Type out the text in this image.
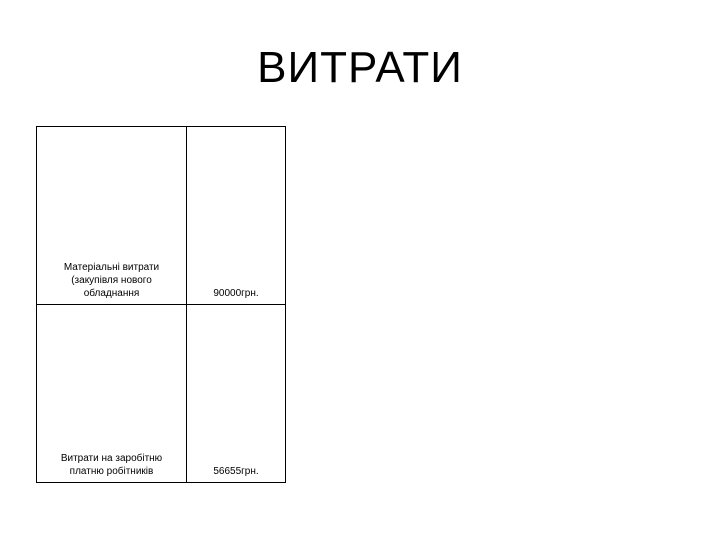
ВИТРАТИ
Матеріальні витрати
(закупівля нового
обладнання	90000грн.

Витрати на заробітню
платню робітників	56655грн.
